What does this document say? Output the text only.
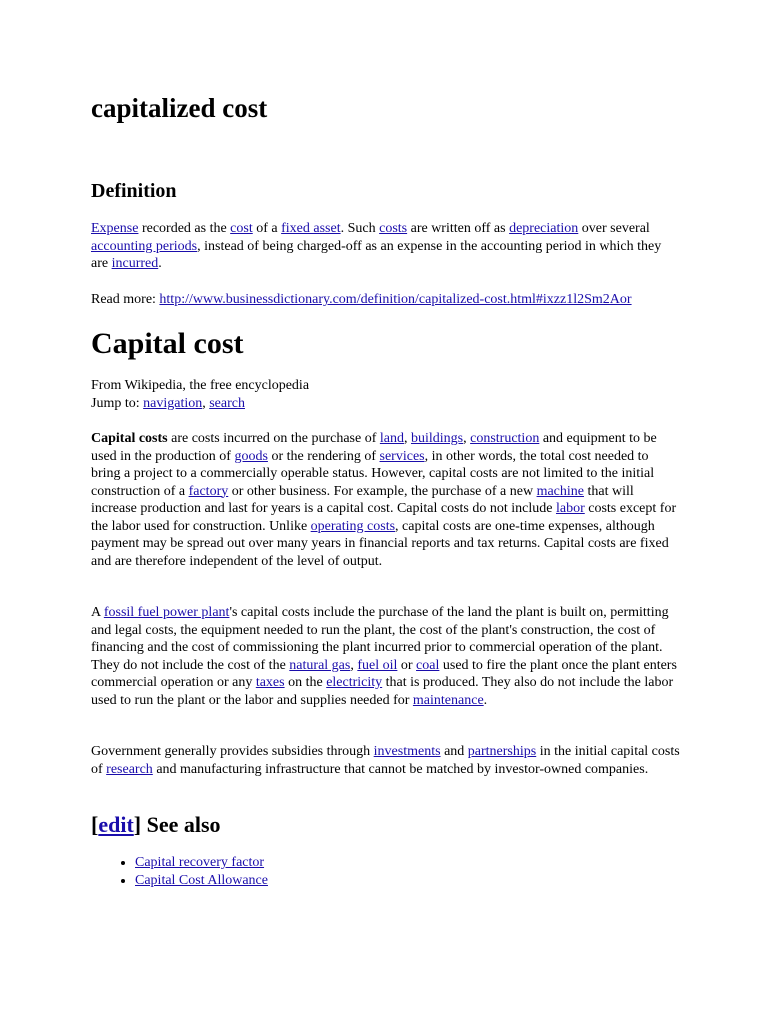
capitalized cost
Definition

Expense recorded as the cost of a fixed asset. Such costs are written off as depreciation over several accounting periods, instead of being charged-off as an expense in the accounting period in which they are incurred.

Read more: http://www.businessdictionary.com/definition/capitalized-cost.html#ixzz1l2Sm2Aor

Capital cost

From Wikipedia, the free encyclopedia
Jump to: navigation, search

Capital costs are costs incurred on the purchase of land, buildings, construction and equipment to be used in the production of goods or the rendering of services, in other words, the total cost needed to bring a project to a commercially operable status. However, capital costs are not limited to the initial construction of a factory or other business. For example, the purchase of a new machine that will increase production and last for years is a capital cost. Capital costs do not include labor costs except for the labor used for construction. Unlike operating costs, capital costs are one-time expenses, although payment may be spread out over many years in financial reports and tax returns. Capital costs are fixed and are therefore independent of the level of output.

A fossil fuel power plant's capital costs include the purchase of the land the plant is built on, permitting and legal costs, the equipment needed to run the plant, the cost of the plant's construction, the cost of financing and the cost of commissioning the plant incurred prior to commercial operation of the plant. They do not include the cost of the natural gas, fuel oil or coal used to fire the plant once the plant enters commercial operation or any taxes on the electricity that is produced. They also do not include the labor used to run the plant or the labor and supplies needed for maintenance.

Government generally provides subsidies through investments and partnerships in the initial capital costs of research and manufacturing infrastructure that cannot be matched by investor-owned companies.

[edit] See also
• Capital recovery factor
• Capital Cost Allowance
